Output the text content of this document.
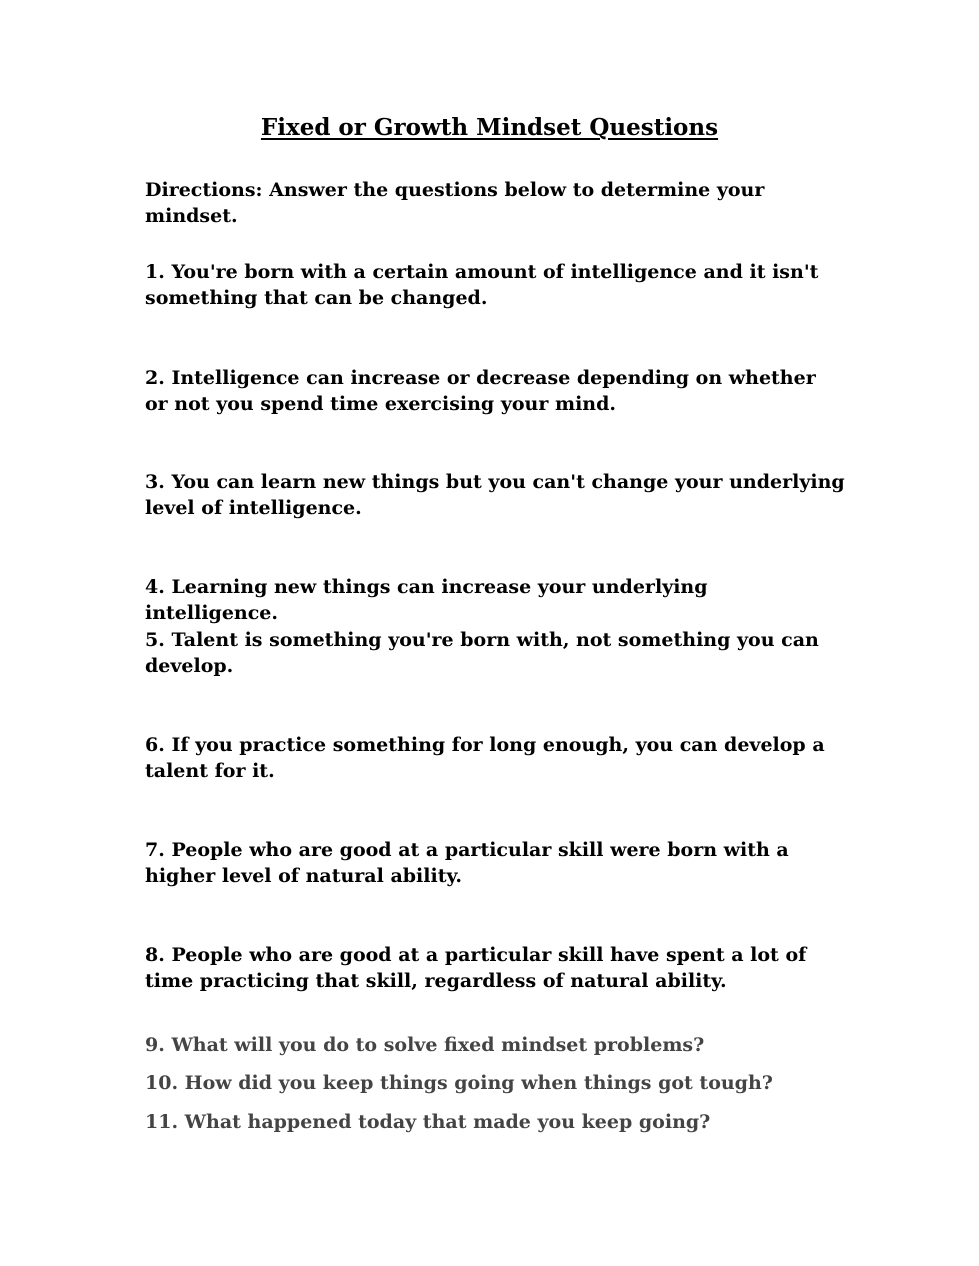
Fixed or Growth Mindset Questions

Directions: Answer the questions below to determine your mindset.

1. You're born with a certain amount of intelligence and it isn't something that can be changed.

2. Intelligence can increase or decrease depending on whether or not you spend time exercising your mind.

3. You can learn new things but you can't change your underlying level of intelligence.

4. Learning new things can increase your underlying intelligence.

5. Talent is something you're born with, not something you can develop.

6. If you practice something for long enough, you can develop a talent for it.

7. People who are good at a particular skill were born with a higher level of natural ability.

8. People who are good at a particular skill have spent a lot of time practicing that skill, regardless of natural ability.

9. What will you do to solve fixed mindset problems?

10. How did you keep things going when things got tough?

11. What happened today that made you keep going?
